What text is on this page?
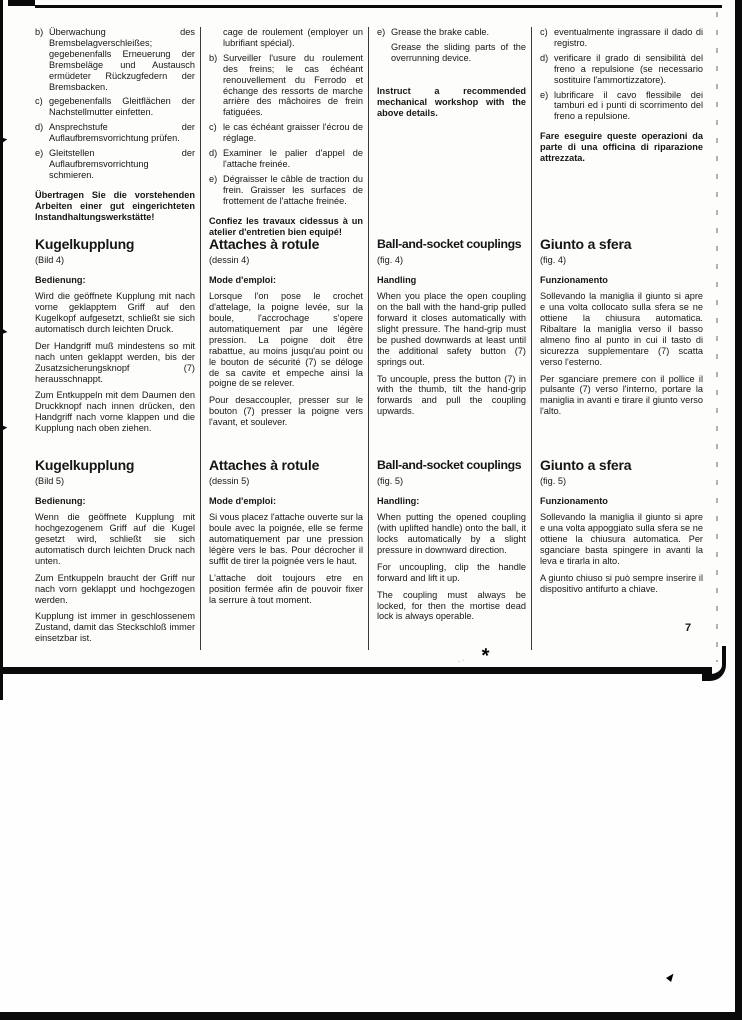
►
►
►
*
.·
▲
b) Überwachung des Bremsbelagverschleißes; gegebenenfalls Erneuerung der Bremsbeläge und Austausch ermüdeter Rückzugfedern der Bremsbacken.
c) gegebenenfalls Gleitflächen der Nachstellmutter einfetten.
d) Ansprechstufe der Auflaufbremsvorrichtung prüfen.
e) Gleitstellen der Auflaufbremsvorrichtung schmieren.

Übertragen Sie die vorstehenden Arbeiten einer gut eingerichteten Instandhaltungswerkstätte!

cage de roulement (employer un lubrifiant spécial).

b) Surveiller l'usure du roulement des freins; le cas échéant renouvellement du Ferrodo et échange des ressorts de marche arrière des mâchoires de frein fatiguées.
c) le cas échéant graisser l'écrou de réglage.
d) Examiner le palier d'appel de l'attache freinée.
e) Dégraisser le câble de traction du frein. Graisser les surfaces de frottement de l'attache freinée.

Confiez les travaux cidessus à un atelier d'entretien bien equipé!

e) Grease the brake cable.
Grease the sliding parts of the overrunning device.

Instruct a recommended mechanical workshop with the above details.

c) eventualmente ingrassare il dado di registro.
d) verificare il grado di sensibilità del freno a repulsione (se necessario sostituire l'ammortizzatore).
e) lubrificare il cavo flessibile dei tamburi ed i punti di scorrimento del freno a repulsione.

Fare eseguire queste operazioni da parte di una officina di riparazione attrezzata.

Kugelkupplung

(Bild 4)

Bedienung:

Wird die geöffnete Kupplung mit nach vorne geklapptem Griff auf den Kugelkopf aufgesetzt, schließt sie sich automatisch durch leichten Druck.

Der Handgriff muß mindestens so mit nach unten geklappt werden, bis der Zusatzsicherungsknopf (7) herausschnappt.

Zum Entkuppeln mit dem Daumen den Druckknopf nach innen drücken, den Handgriff nach vorne klappen und die Kupplung nach oben ziehen.

Attaches à rotule

(dessin 4)

Mode d'emploi:

Lorsque l'on pose le crochet d'attelage, la poigne levée, sur la boule, l'accrochage s'opere automatiquement par une légère pression. La poigne doit être rabattue, au moins jusqu'au point ou le bouton de sécurité (7) se déloge de sa cavite et empeche ainsi la poigne de se relever.

Pour desaccoupler, presser sur le bouton (7) presser la poigne vers l'avant, et soulever.

Ball-and-socket couplings

(fig. 4)

Handling

When you place the open coupling on the ball with the hand-grip pulled forward it closes automatically with slight pressure. The hand-grip must be pushed downwards at least until the additional safety button (7) springs out.

To uncouple, press the button (7) in with the thumb, tilt the hand-grip forwards and pull the coupling upwards.

Giunto a sfera

(fig. 4)

Funzionamento

Sollevando la maniglia il giunto si apre e una volta collocato sulla sfera se ne ottiene la chiusura automatica. Ribaltare la maniglia verso il basso almeno fino al punto in cui il tasto di sicurezza supplementare (7) scatta verso l'esterno.

Per sganciare premere con il pollice il pulsante (7) verso l'interno, portare la maniglia in avanti e tirare il giunto verso l'alto.

Kugelkupplung

(Bild 5)

Bedienung:

Wenn die geöffnete Kupplung mit hochgezogenem Griff auf die Kugel gesetzt wird, schließt sie sich automatisch durch leichten Druck nach unten.

Zum Entkuppeln braucht der Griff nur nach vorn geklappt und hochgezogen werden.

Kupplung ist immer in geschlossenem Zustand, damit das Steckschloß immer einsetzbar ist.

Attaches à rotule

(dessin 5)

Mode d'emploi:

Si vous placez l'attache ouverte sur la boule avec la poignée, elle se ferme automatiquement par une pression légère vers le bas. Pour décrocher il suffit de tirer la poignée vers le haut.

L'attache doit toujours etre en position fermée afin de pouvoir fixer la serrure à tout moment.

Ball-and-socket couplings

(fig. 5)

Handling:

When putting the opened coupling (with uplifted handle) onto the ball, it locks automatically by a slight pressure in downward direction.

For uncoupling, clip the handle forward and lift it up.

The coupling must always be locked, for then the mortise dead lock is always operable.

Giunto a sfera

(fig. 5)

Funzionamento

Sollevando la maniglia il giunto si apre e una volta appoggiato sulla sfera se ne ottiene la chiusura automatica. Per sganciare basta spingere in avanti la leva e tirarla in alto.

A giunto chiuso si può sempre inserire il dispositivo antifurto a chiave.

7
